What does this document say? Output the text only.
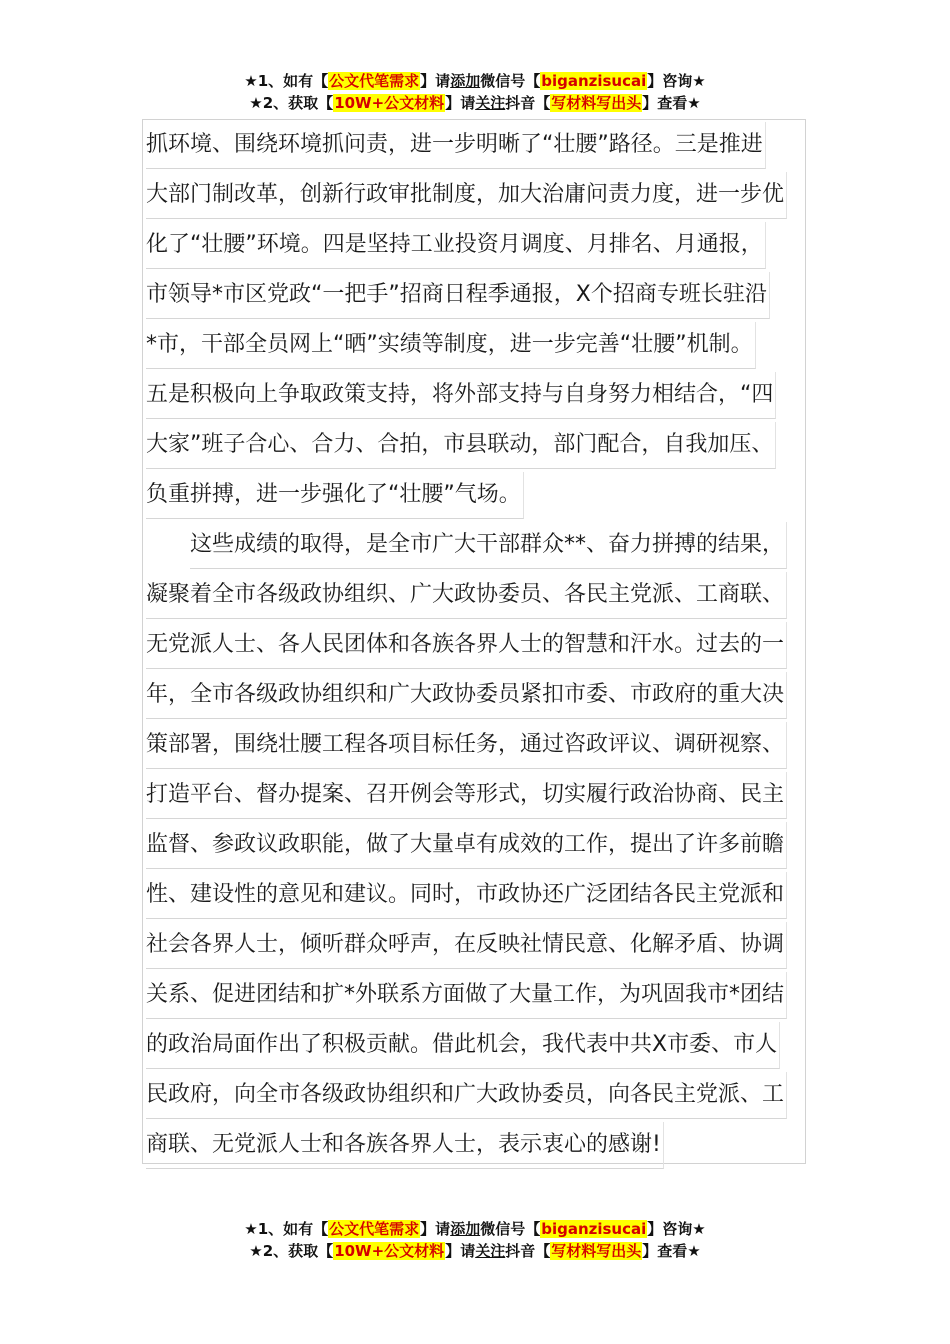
★1、如有【公文代笔需求】请添加微信号【biganzisucai】咨询★
★2、获取【10W+公文材料】请关注抖音【写材料写出头】查看★
抓环境、围绕环境抓问责，进一步明晰了“壮腰”路径。三是推进
大部门制改革，创新行政审批制度，加大治庸问责力度，进一步优
化了“壮腰”环境。四是坚持工业投资月调度、月排名、月通报，
市领导*市区党政“一把手”招商日程季通报，X个招商专班长驻沿
*市，干部全员网上“晒”实绩等制度，进一步完善“壮腰”机制。
五是积极向上争取政策支持，将外部支持与自身努力相结合，“四
大家”班子合心、合力、合拍，市县联动，部门配合，自我加压、
负重拼搏，进一步强化了“壮腰”气场。
这些成绩的取得，是全市广大干部群众**、奋力拼搏的结果，
凝聚着全市各级政协组织、广大政协委员、各民主党派、工商联、
无党派人士、各人民团体和各族各界人士的智慧和汗水。过去的一
年，全市各级政协组织和广大政协委员紧扣市委、市政府的重大决
策部署，围绕壮腰工程各项目标任务，通过咨政评议、调研视察、
打造平台、督办提案、召开例会等形式，切实履行政治协商、民主
监督、参政议政职能，做了大量卓有成效的工作，提出了许多前瞻
性、建设性的意见和建议。同时，市政协还广泛团结各民主党派和
社会各界人士，倾听群众呼声，在反映社情民意、化解矛盾、协调
关系、促进团结和扩*外联系方面做了大量工作，为巩固我市*团结
的政治局面作出了积极贡献。借此机会，我代表中共X市委、市人
民政府，向全市各级政协组织和广大政协委员，向各民主党派、工
商联、无党派人士和各族各界人士，表示衷心的感谢!
★1、如有【公文代笔需求】请添加微信号【biganzisucai】咨询★
★2、获取【10W+公文材料】请关注抖音【写材料写出头】查看★
